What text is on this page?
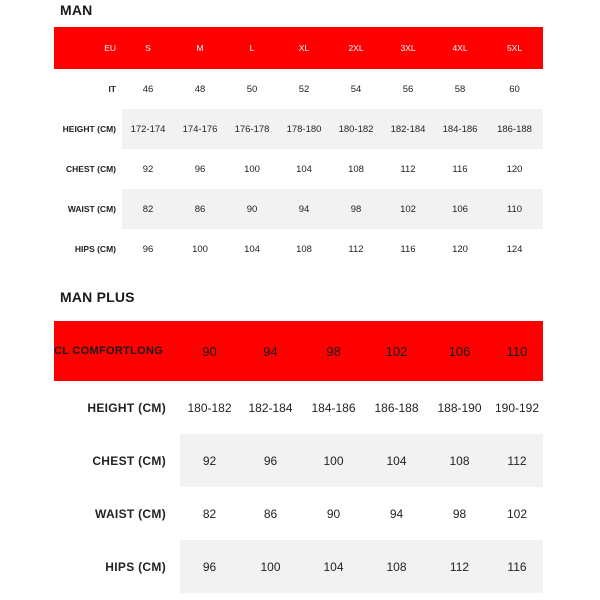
MAN
EU	S	M	L	XL	2XL	3XL	4XL	5XL
IT	46	48	50	52	54	56	58	60
HEIGHT (CM)	172-174	174-176	176-178	178-180	180-182	182-184	184-186	186-188
CHEST (CM)	92	96	100	104	108	112	116	120
WAIST (CM)	82	86	90	94	98	102	106	110
HIPS (CM)	96	100	104	108	112	116	120	124
MAN PLUS
CL COMFORTLONG	90	94	98	102	106	110
HEIGHT (CM)	180-182	182-184	184-186	186-188	188-190	190-192
CHEST (CM)	92	96	100	104	108	112
WAIST (CM)	82	86	90	94	98	102
HIPS (CM)	96	100	104	108	112	116
